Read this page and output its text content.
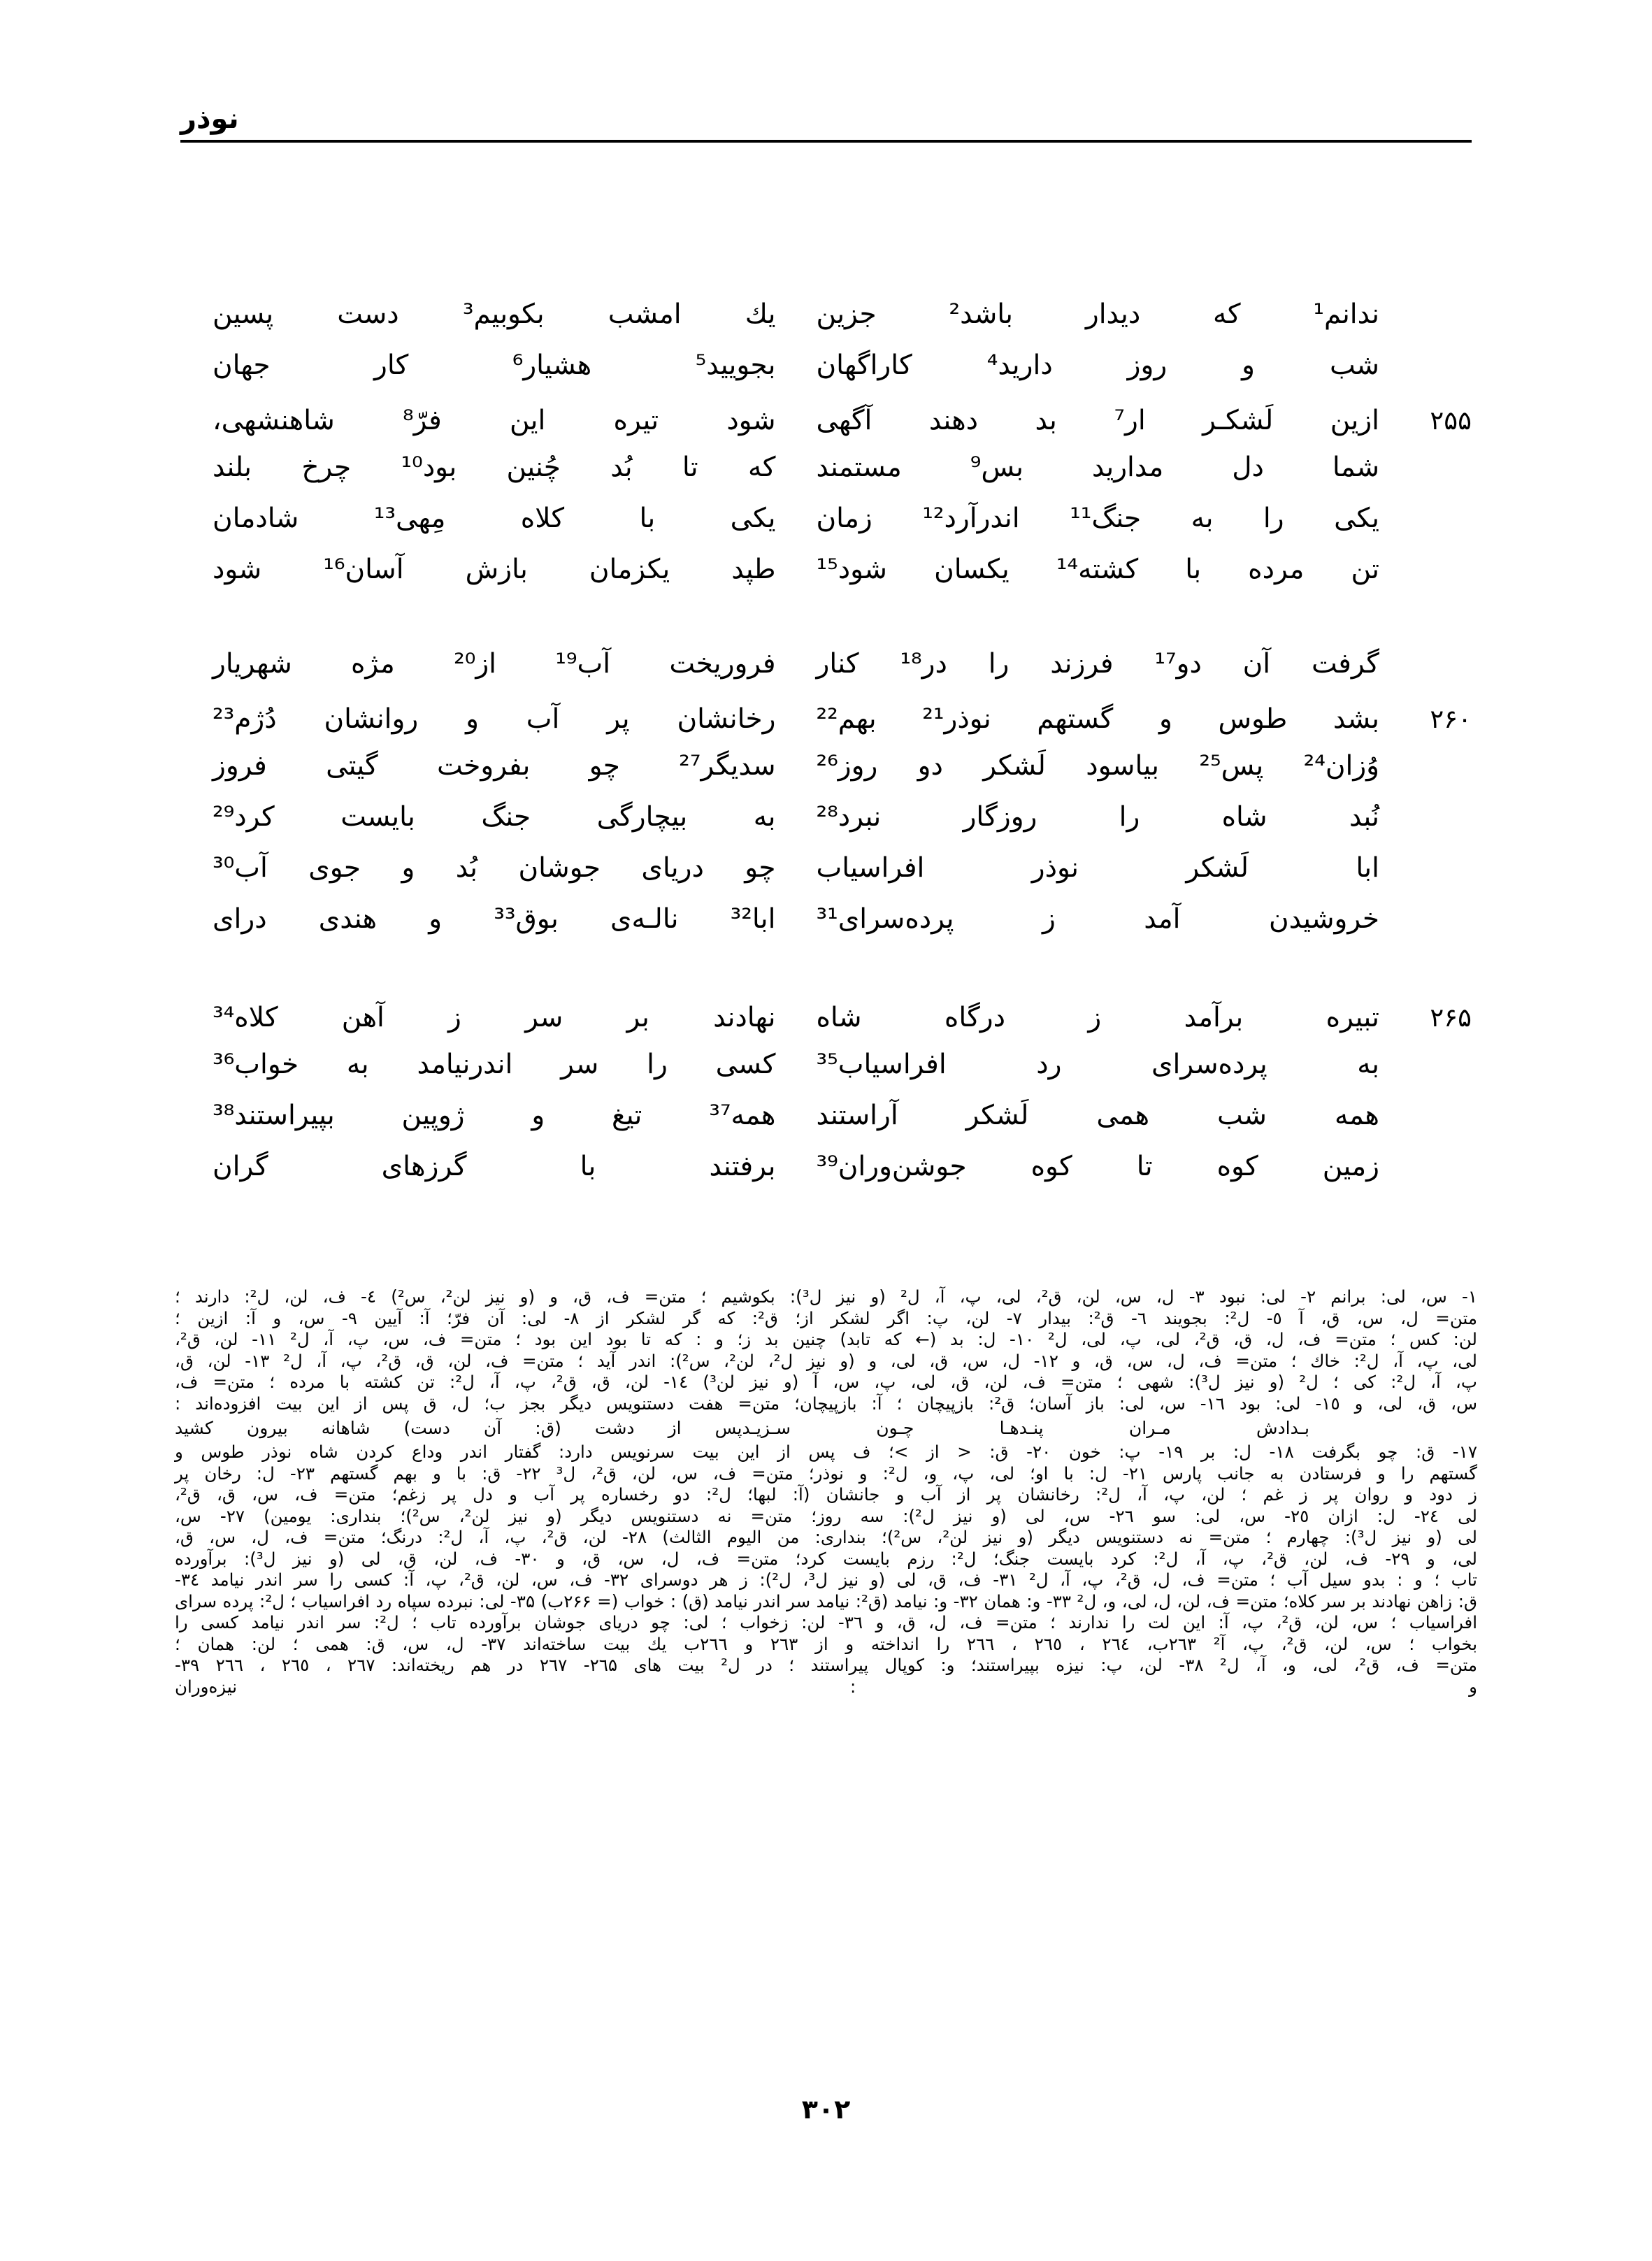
نوذر
ندانم¹ که دیدار باشد² جزین
یك امشب بکوبیم³ دست پسین
شب و روز دارید⁴ کاراگهان
بجویید⁵ هشیار⁶ کار جهان
۲۵۵
ازین لَشکـر ار⁷ بد دهند آگهی
شود تیره این فرّ⁸ شاهنشهی،
شما دل مدارید بس⁹ مستمند
که تا بُد چُنین بود¹⁰ چرخ بلند
یکی را به جنگ¹¹ اندرآرد¹² زمان
یکی با کلاه مِهی¹³ شادمان
تن مرده با کشته¹⁴ یکسان شود¹⁵
طپد یکزمان بازش آسان¹⁶ شود
گرفت آن دو¹⁷ فرزند را در¹⁸ کنار
فروریخت آب¹⁹ از²⁰ مژه شهریار
۲۶۰
بشد طوس و گستهم نوذر²¹ بهم²²
رخانشان پر آب و روانشان دُژم²³
وُزان²⁴ پس²⁵ بیاسود لَشکر دو روز²⁶
سدیگر²⁷ چو بفروخت گیتی فروز
نُبد شاه را روزگار نبرد²⁸
به بیچارگی جنگ بایست کرد²⁹
ابا لَشکر نوذر افراسیاب
چو دریای جوشان بُد و جوی آب³⁰
خروشیدن آمد ز پرده‌سرای³¹
ابا³² نالـه‌ی بوق³³ و هندی درای
۲۶۵
تبیره برآمد ز درگاه شاه
نهادند بر سر ز آهن کلاه³⁴
به پرده‌سرای رد افراسیاب³⁵
کسی را سر اندرنیامد به خواب³⁶
همه شب همی لَشکر آراستند
همه³⁷ تیغ و ژوپین بپیراستند³⁸
زمین کوه تا کوه جوشن‌وران³⁹
برفتند با گرزهای گران
۱- س، لی: برانم ۲- لی: نبود ۳- ل، س، لن، ق²، لی، پ، آ، ل² (و نیز ل³): بکوشیم ؛ متن= ف، ق، و (و نیز لن²، س²) ٤- ف، لن، ل²: دارند ؛
متن= ل، س، ق، آ ٥- ل²: بجویند ٦- ق²: بیدار ٧- لن، پ: اگر لشکر از؛ ق²: که گر لشکر از ٨- لی: آن فرّ؛ آ: آیین ٩- س، و آ: ازین ؛
لن: کس ؛ متن= ف، ل، ق، ق²، لی، پ، لی، ل² ۱۰- ل: بد (← که تابد) چنین بد ز؛ و : که تا بود این بود ؛ متن= ف، س، پ، آ، ل² ۱۱- لن، ق²،
لی، پ، آ، ل²: خاك ؛ متن= ف، ل، س، ق، و ۱۲- ل، س، ق، لی، و (و نیز ل²، لن²، س²): اندر آید ؛ متن= ف، لن، ق، ق²، پ، آ، ل² ۱۳- لن، ق،
پ، آ، ل²: کی ؛ ل² (و نیز ل³): شهی ؛ متن= ف، لن، ق، لی، پ، س، آ (و نیز لن³) ۱٤- لن، ق، ق²، پ، آ، ل²: تن کشته با مرده ؛ متن= ف،
س، ق، لی، و ۱٥- لی: بود ۱٦- س، لی: باز آسان؛ ق²: بازپیچان ؛ آ: بازپیچان؛ متن= هفت دستنویس دیگر بجز ب؛ ل، ق پس از این بیت افزوده‌اند :
بـدادش مـران پنـدهـا چـون سـزیـد
پس از دشت (ق: آن دست) شاهانه بیرون کشید
۱۷- ق: چو بگرفت ۱۸- ل: بر ۱۹- پ: خون ۲۰- ق: < از >؛ ف پس از این بیت سرنویس دارد: گفتار اندر وداع کردن شاه نوذر طوس و
گستهم را و فرستادن به جانب پارس ۲۱- ل: با او؛ لی، پ، و، ل²: و نوذر؛ متن= ف، س، لن، ق²، ل³ ۲۲- ق: با و بهم گستهم ۲۳- ل: رخان پر
ز دود و روان پر ز غم ؛ لن، پ، آ، ل²: رخانشان پر از آب و جانشان (آ: لبها؛ ل²: دو رخساره پر آب و دل پر زغم؛ متن= ف، س، ق، ق²،
لی ۲٤- ل: ازان ۲٥- س، لی: سو ۲٦- س، لی (و نیز ل²): سه روز؛ متن= نه دستنویس دیگر (و نیز لن²، س²)؛ بنداری: یومین) ۲۷- س،
لی (و نیز ل³): چهارم ؛ متن= نه دستنویس دیگر (و نیز لن²، س²)؛ بنداری: من الیوم الثالث) ۲۸- لن، ق²، پ، آ، ل²: درنگ؛ متن= ف، ل، س، ق،
لی، و ۲۹- ف، لن، ق²، پ، آ، ل²: کرد بایست جنگ؛ ل²: رزم بایست کرد؛ متن= ف، ل، س، ق، و ۳۰- ف، لن، ق، لی (و نیز ل³): برآورده
تاب ؛ و : بدو سیل آب ؛ متن= ف، ل، ق²، پ، آ، ل² ۳۱- ف، ق، لی (و نیز ل³، ل²): ز هر دوسرای ۳۲- ف، س، لن، ق²، پ، آ: کسی را سر اندر نیامد ۳٤-
ق: زاهن نهادند بر سر کلاه؛ متن= ف، لن، ل، لی، و، ل² ۳۳- و: همان ۳۲- و: نیامد (ق²: نیامد سر اندر نیامد (ق) : خواب (= ۲۶۶ب) ۳۵- لی: نبرده سپاه رد افراسیاب ؛ ل²: پرده سرای
افراسیاب ؛ س، لن، ق²، پ، آ: این لت را ندارند ؛ متن= ف، ل، ق، و ۳٦- لن: زخواب ؛ لی: چو دریای جوشان برآورده تاب ؛ ل²: سر اندر نیامد کسی را
بخواب ؛ س، لن، ق²، پ، آ² ۲٦۳ب، ۲٦٤ ، ۲٦٥ ، ۲٦٦ را انداخته و از ۲٦۳ و ۲٦٦ب یك بیت ساخته‌اند ۳۷- ل، س، ق: همی ؛ لن: همان ؛
متن= ف، ق²، لی، و، آ، ل² ۳۸- لن، پ: نیزه بپیراستند؛ و: کوپال پیراستند ؛ در ل² بیت های ۲٦۵- ۲٦۷ در هم ریخته‌اند: ۲٦۷ ، ۲٦٥ ، ۲٦٦ ۳۹-
و : نیزه‌وران
۳۰۲
